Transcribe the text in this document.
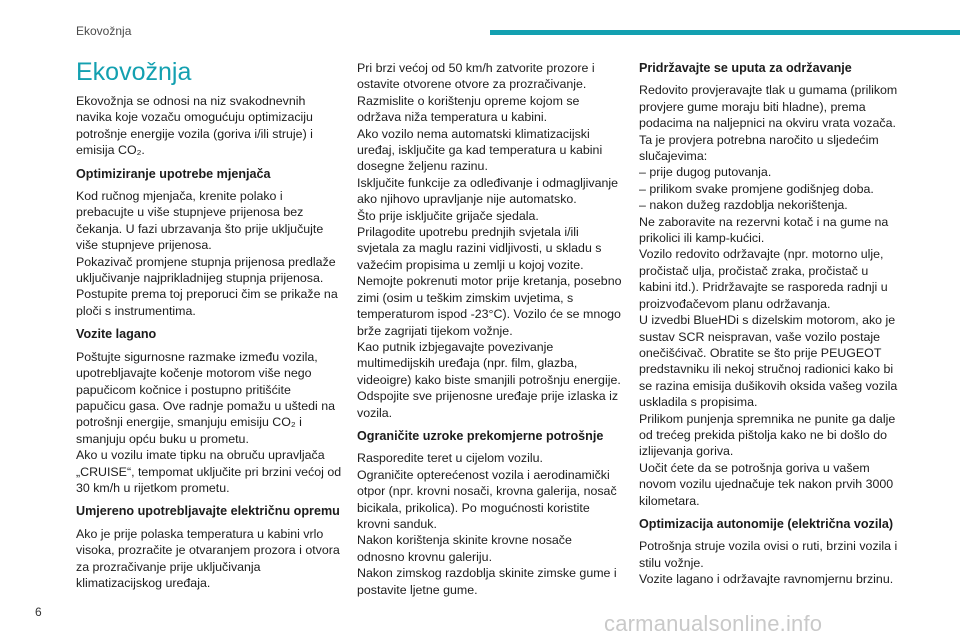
Ekovožnja
Ekovožnja

Ekovožnja se odnosi na niz svakodnevnih navika koje vozaču omogućuju optimizaciju potrošnje energije vozila (goriva i/ili struje) i emisija CO₂.

Optimiziranje upotrebe mjenjača

Kod ručnog mjenjača, krenite polako i prebacujte u više stupnjeve prijenosa bez čekanja. U fazi ubrzavanja što prije uključujte više stupnjeve prijenosa.
Pokazivač promjene stupnja prijenosa predlaže uključivanje najprikladnijeg stupnja prijenosa. Postupite prema toj preporuci čim se prikaže na ploči s instrumentima.

Vozite lagano

Poštujte sigurnosne razmake između vozila, upotrebljavajte kočenje motorom više nego papučicom kočnice i postupno pritišćite papučicu gasa. Ove radnje pomažu u uštedi na potrošnji energije, smanjuju emisiju CO₂ i smanjuju opću buku u prometu.
Ako u vozilu imate tipku na obruču upravljača „CRUISE“, tempomat uključite pri brzini većoj od 30 km/h u rijetkom prometu.

Umjereno upotrebljavajte električnu opremu

Ako je prije polaska temperatura u kabini vrlo visoka, prozračite je otvaranjem prozora i otvora za prozračivanje prije uključivanja klimatizacijskog uređaja.

Pri brzi većoj od 50 km/h zatvorite prozore i ostavite otvorene otvore za prozračivanje.
Razmislite o korištenju opreme kojom se održava niža temperatura u kabini.
Ako vozilo nema automatski klimatizacijski uređaj, isključite ga kad temperatura u kabini dosegne željenu razinu.
Isključite funkcije za odleđivanje i odmagljivanje ako njihovo upravljanje nije automatsko.
Što prije isključite grijače sjedala.
Prilagodite upotrebu prednjih svjetala i/ili svjetala za maglu razini vidljivosti, u skladu s važećim propisima u zemlji u kojoj vozite.
Nemojte pokrenuti motor prije kretanja, posebno zimi (osim u teškim zimskim uvjetima, s temperaturom ispod -23°C). Vozilo će se mnogo brže zagrijati tijekom vožnje.
Kao putnik izbjegavajte povezivanje multimedijskih uređaja (npr. film, glazba, videoigre) kako biste smanjili potrošnju energije.
Odspojite sve prijenosne uređaje prije izlaska iz vozila.

Ograničite uzroke prekomjerne potrošnje

Rasporedite teret u cijelom vozilu.
Ograničite opterećenost vozila i aerodinamički otpor (npr. krovni nosači, krovna galerija, nosač bicikala, prikolica). Po mogućnosti koristite krovni sanduk.
Nakon korištenja skinite krovne nosače odnosno krovnu galeriju.
Nakon zimskog razdoblja skinite zimske gume i postavite ljetne gume.

Pridržavajte se uputa za održavanje

Redovito provjeravajte tlak u gumama (prilikom provjere gume moraju biti hladne), prema podacima na naljepnici na okviru vrata vozača.
Ta je provjera potrebna naročito u sljedećim slučajevima:
– prije dugog putovanja.
– prilikom svake promjene godišnjeg doba.
– nakon dužeg razdoblja nekorištenja.
Ne zaboravite na rezervni kotač i na gume na prikolici ili kamp-kućici.
Vozilo redovito održavajte (npr. motorno ulje, pročistač ulja, pročistač zraka, pročistač u kabini itd.). Pridržavajte se rasporeda radnji u proizvođačevom planu održavanja.
U izvedbi BlueHDi s dizelskim motorom, ako je sustav SCR neispravan, vaše vozilo postaje onečišćivač. Obratite se što prije PEUGEOT predstavniku ili nekoj stručnoj radionici kako bi se razina emisija dušikovih oksida vašeg vozila uskladila s propisima.
Prilikom punjenja spremnika ne punite ga dalje od trećeg prekida pištolja kako ne bi došlo do izlijevanja goriva.
Uočit ćete da se potrošnja goriva u vašem novom vozilu ujednačuje tek nakon prvih 3000 kilometara.

Optimizacija autonomije (električna vozila)

Potrošnja struje vozila ovisi o ruti, brzini vozila i stilu vožnje.
Vozite lagano i održavajte ravnomjernu brzinu.

6	carmanualsonline.info
